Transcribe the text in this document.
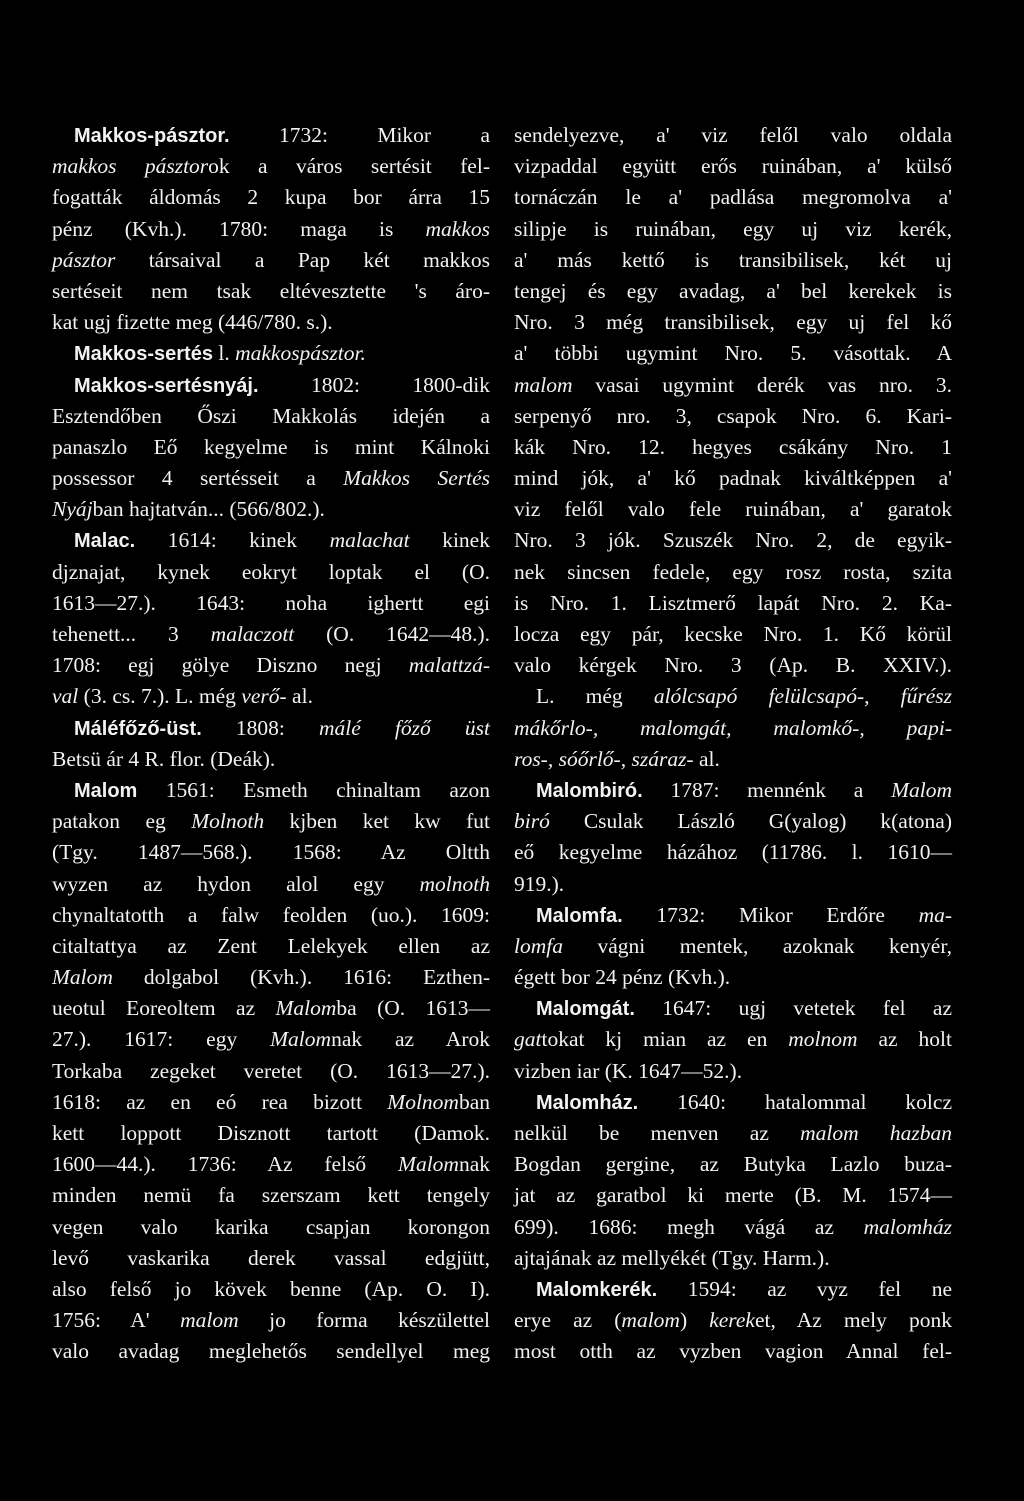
Makkos-pásztor. 1732: Mikor a
makkos pásztorok a város sertésit fel-
fogatták áldomás 2 kupa bor árra 15
pénz (Kvh.). 1780: maga is makkos
pásztor társaival a Pap két makkos
sertéseit nem tsak eltévesztette 's áro-
kat ugj fizette meg (446/780. s.).
Makkos-sertés l. makkospásztor.
Makkos-sertésnyáj. 1802: 1800-dik
Esztendőben Őszi Makkolás idején a
panaszlo Eő kegyelme is mint Kálnoki
possessor 4 sertésseit a Makkos Sertés
Nyájban hajtatván... (566/802.).
Malac. 1614: kinek malachat kinek
djznajat, kynek eokryt loptak el (O.
1613—27.). 1643: noha ighertt egi
tehenett... 3 malaczott (O. 1642—48.).
1708: egj gölye Diszno negj malattzá-
val (3. cs. 7.). L. még verő- al.
Máléfőző-üst. 1808: málé főző üst
Betsü ár 4 R. flor. (Deák).
Malom 1561: Esmeth chinaltam azon
patakon eg Molnoth kjben ket kw fut
(Tgy. 1487—568.). 1568: Az Oltth
wyzen az hydon alol egy molnoth
chynaltatotth a falw feolden (uo.). 1609:
citaltattya az Zent Lelekyek ellen az
Malom dolgabol (Kvh.). 1616: Ezthen-
ueotul Eoreoltem az Malomba (O. 1613—
27.). 1617: egy Malomnak az Arok
Torkaba zegeket veretet (O. 1613—27.).
1618: az en eó rea bizott Molnomban
kett loppott Disznott tartott (Damok.
1600—44.). 1736: Az felső Malomnak
minden nemü fa szerszam kett tengely
vegen valo karika csapjan korongon
levő vaskarika derek vassal edgjütt,
also felső jo kövek benne (Ap. O. I).
1756: A' malom jo forma készülettel
valo avadag meglehetős sendellyel meg
sendelyezve, a' viz felől valo oldala
vizpaddal együtt erős ruinában, a' külső
tornáczán le a' padlása megromolva a'
silipje is ruinában, egy uj viz kerék,
a' más kettő is transibilisek, két uj
tengej és egy avadag, a' bel kerekek is
Nro. 3 még transibilisek, egy uj fel kő
a' többi ugymint Nro. 5. vásottak. A
malom vasai ugymint derék vas nro. 3.
serpenyő nro. 3, csapok Nro. 6. Kari-
kák Nro. 12. hegyes csákány Nro. 1
mind jók, a' kő padnak kiváltképpen a'
viz felől valo fele ruinában, a' garatok
Nro. 3 jók. Szuszék Nro. 2, de egyik-
nek sincsen fedele, egy rosz rosta, szita
is Nro. 1. Lisztmerő lapát Nro. 2. Ka-
locza egy pár, kecske Nro. 1. Kő körül
valo kérgek Nro. 3 (Ap. B. XXIV.).
L. még alólcsapó felülcsapó-, fűrész
mákőrlo-, malomgát, malomkő-, papi-
ros-, sóőrlő-, száraz- al.
Malombiró. 1787: mennénk a Malom
biró Csulak László G(yalog) k(atona)
eő kegyelme házához (11786. l. 1610—
919.).
Malomfa. 1732: Mikor Erdőre ma-
lomfa vágni mentek, azoknak kenyér,
égett bor 24 pénz (Kvh.).
Malomgát. 1647: ugj vetetek fel az
gattokat kj mian az en molnom az holt
vizben iar (K. 1647—52.).
Malomház. 1640: hatalommal kolcz
nelkül be menven az malom hazban
Bogdan gergine, az Butyka Lazlo buza-
jat az garatbol ki merte (B. M. 1574—
699). 1686: megh vágá az malomház
ajtajának az mellyékét (Tgy. Harm.).
Malomkerék. 1594: az vyz fel ne
erye az (malom) kereket, Az mely ponk
most otth az vyzben vagion Annal fel-
